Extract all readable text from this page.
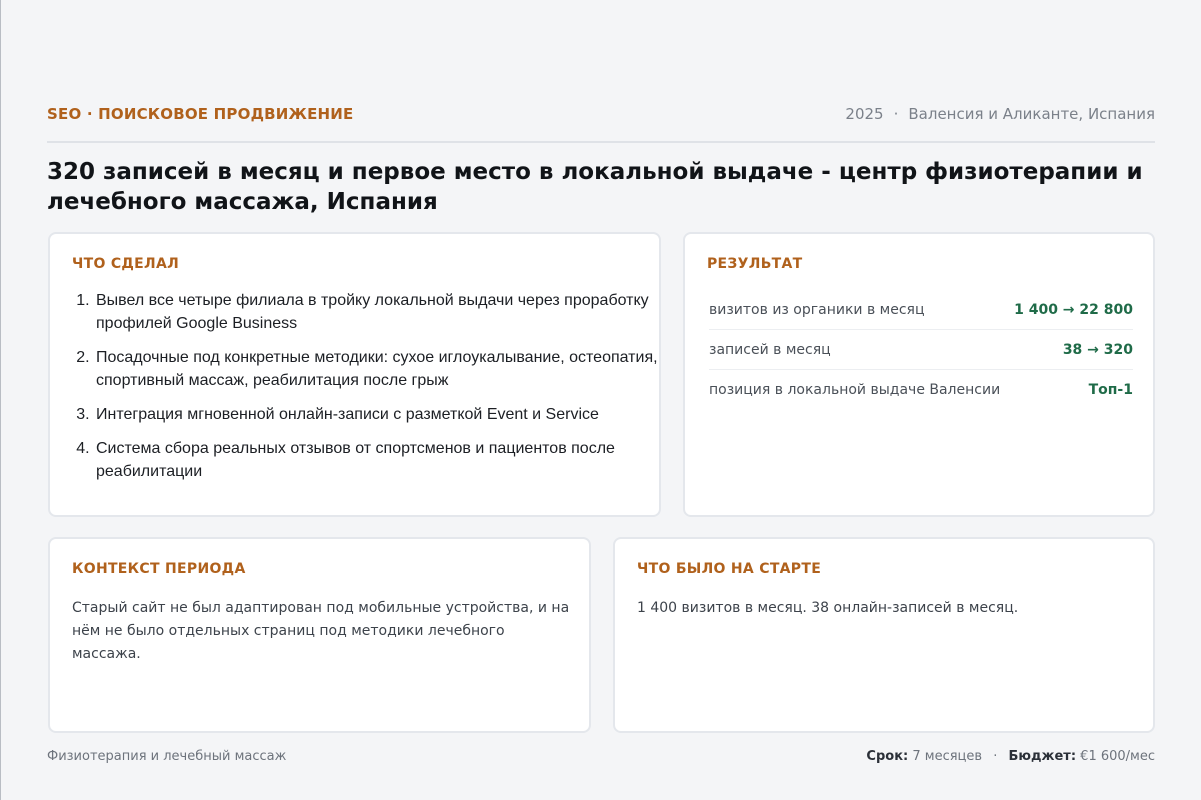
SEO · ПОИСКОВОЕ ПРОДВИЖЕНИЕ	2025 · Валенсия и Аликанте, Испания
320 записей в месяц и первое место в локальной выдаче - центр физиотерапии и лечебного массажа, Испания
ЧТО СДЕЛАЛ
1. Вывел все четыре филиала в тройку локальной выдачи через проработку профилей Google Business
2. Посадочные под конкретные методики: сухое иглоукалывание, остеопатия, спортивный массаж, реабилитация после грыж
3. Интеграция мгновенной онлайн-записи с разметкой Event и Service
4. Система сбора реальных отзывов от спортсменов и пациентов после реабилитации
РЕЗУЛЬТАТ
визитов из органики в месяц	1 400 → 22 800
записей в месяц	38 → 320
позиция в локальной выдаче Валенсии	Топ-1
КОНТЕКСТ ПЕРИОДА

Старый сайт не был адаптирован под мобильные устройства, и на нём не было отдельных страниц под методики лечебного массажа.

ЧТО БЫЛО НА СТАРТЕ

1 400 визитов в месяц. 38 онлайн-записей в месяц.

Физиотерапия и лечебный массаж	Срок: 7 месяцев · Бюджет: €1 600/мес
